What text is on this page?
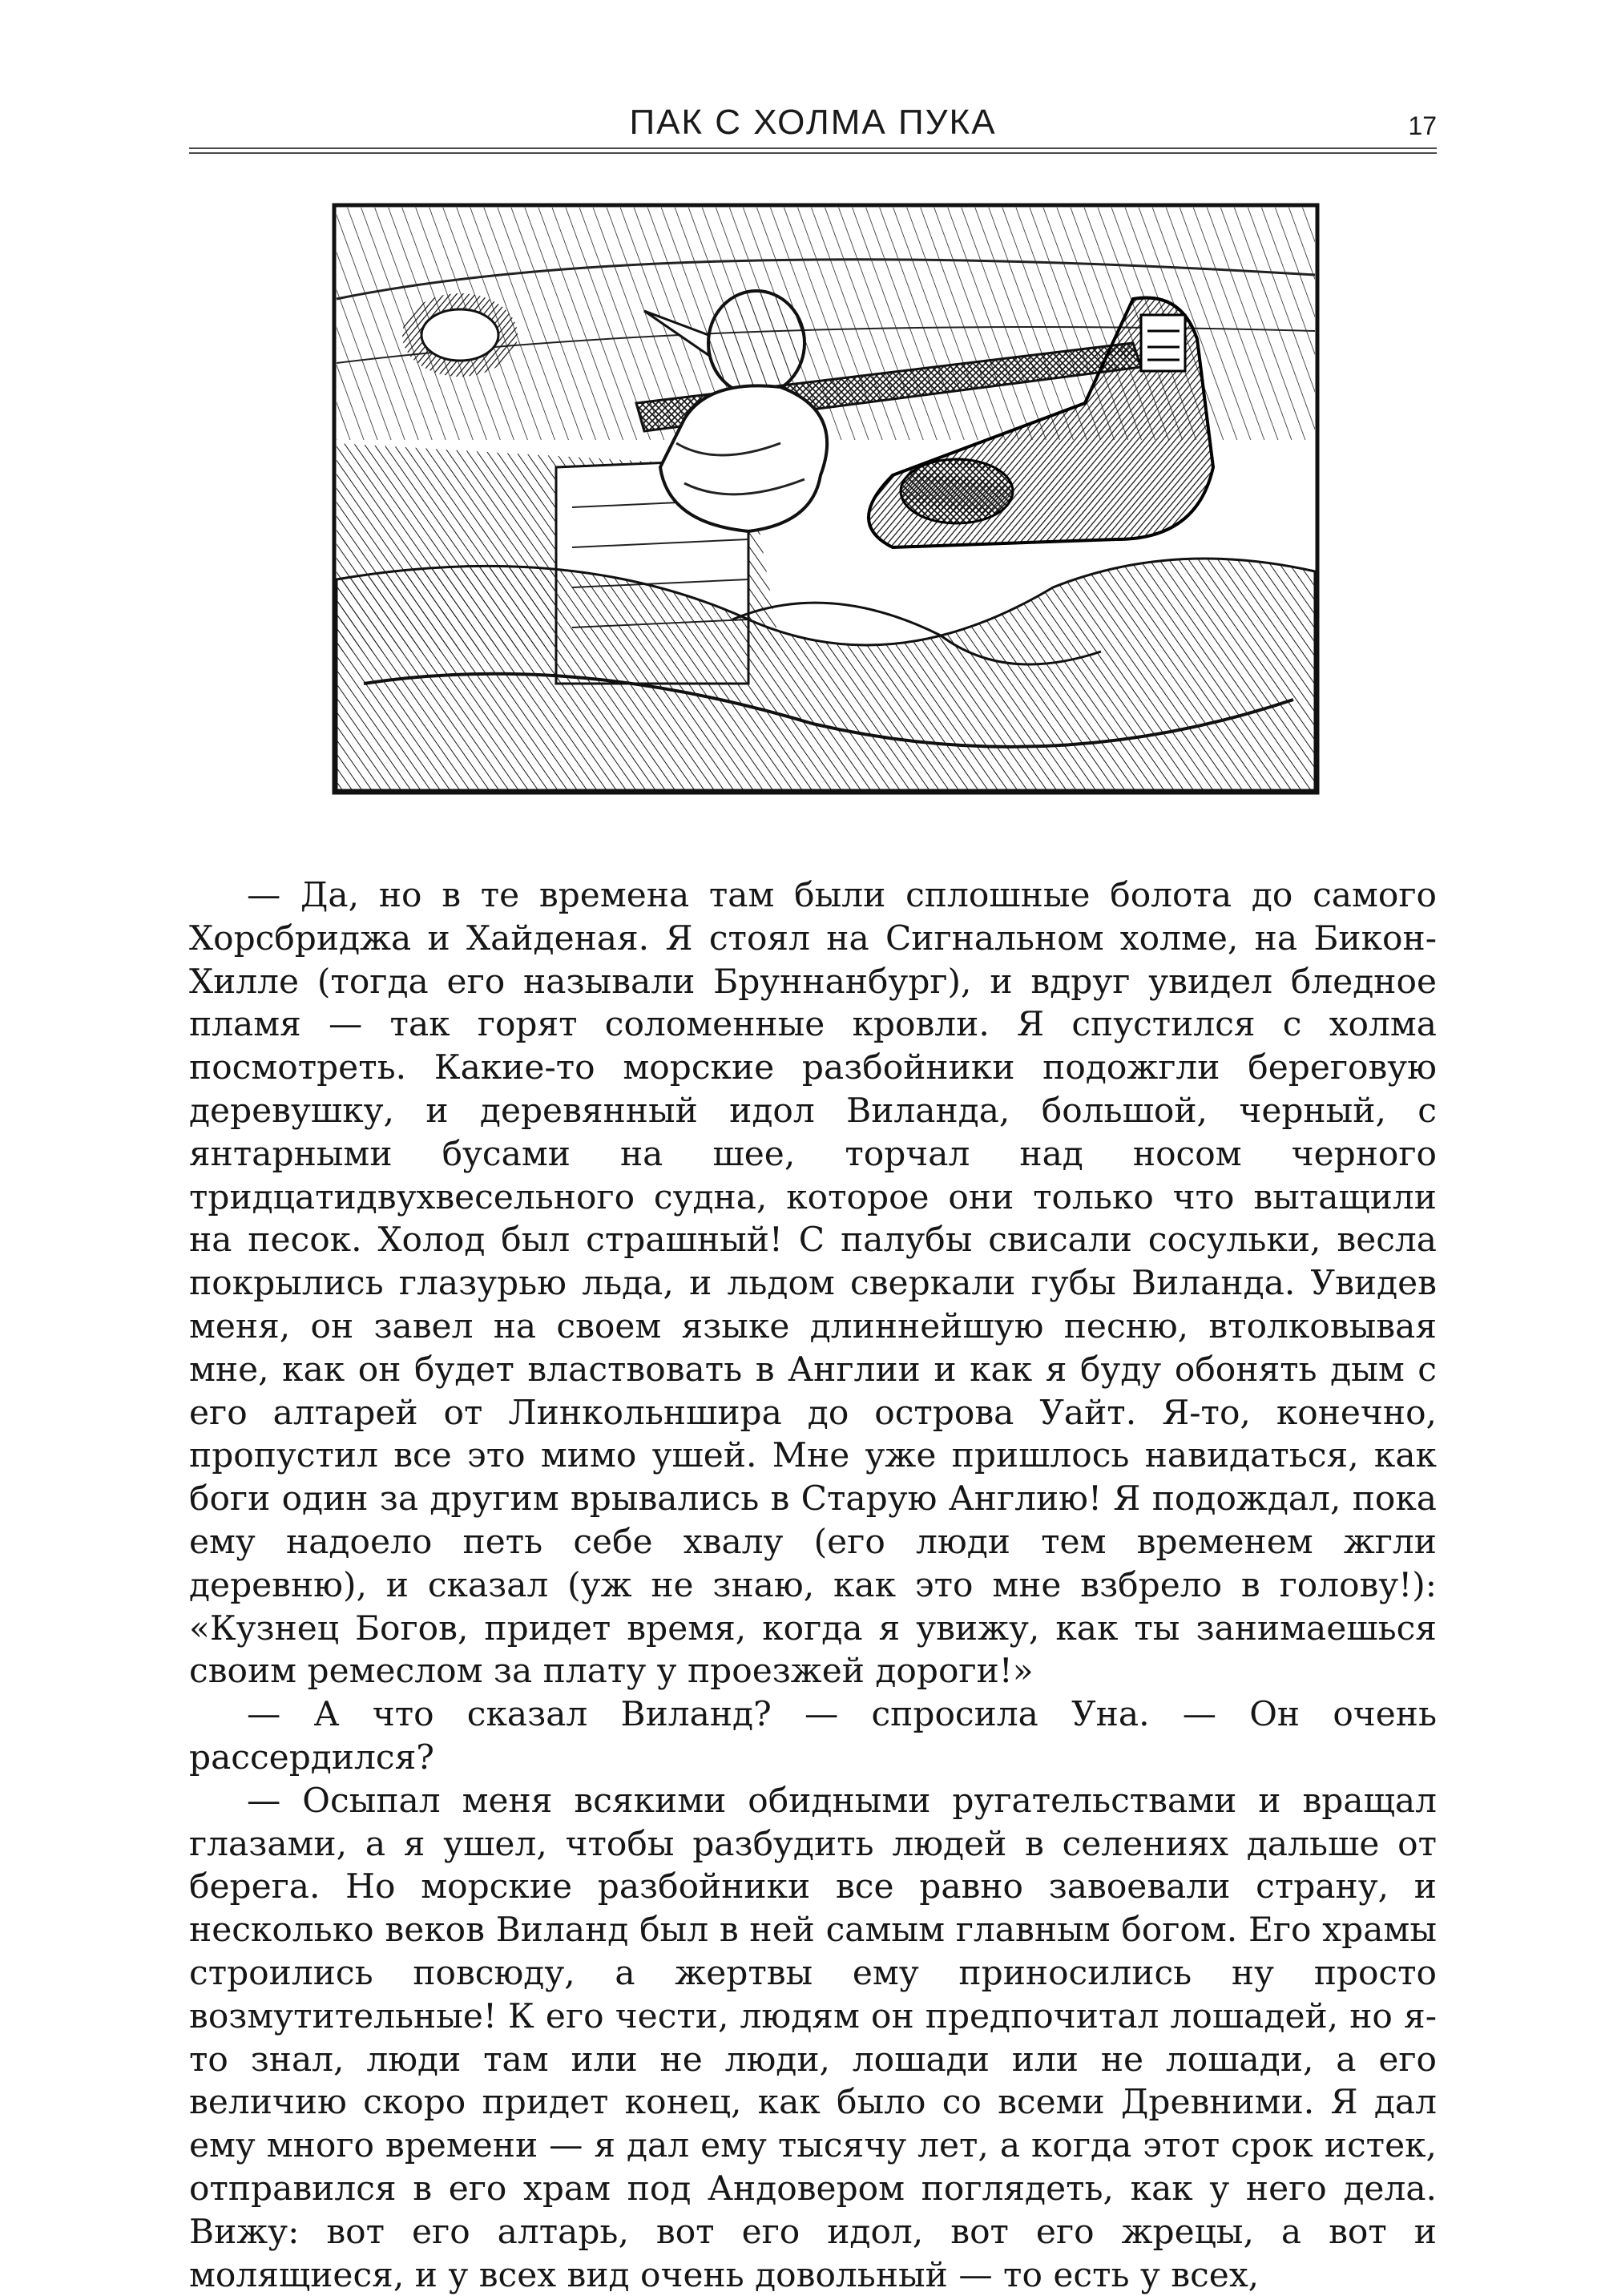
ПАК С ХОЛМА ПУКА	17

— Да, но в те времена там были сплошные болота до самого Хорсбриджа и Хайденая. Я стоял на Сигнальном холме, на Бикон-Хилле (тогда его называли Бруннанбург), и вдруг увидел бледное пламя — так горят соломенные кровли. Я спустился с холма посмотреть. Какие-то морские разбойники подожгли береговую деревушку, и деревянный идол Виланда, большой, черный, с янтарными бусами на шее, торчал над носом черного тридцатидвухвесельного судна, которое они только что вытащили на песок. Холод был страшный! С палубы свисали сосульки, весла покрылись глазурью льда, и льдом сверкали губы Виланда. Увидев меня, он завел на своем языке длиннейшую песню, втолковывая мне, как он будет властвовать в Англии и как я буду обонять дым с его алтарей от Линкольншира до острова Уайт. Я-то, конечно, пропустил все это мимо ушей. Мне уже пришлось навидаться, как боги один за другим врывались в Старую Англию! Я подождал, пока ему надоело петь себе хвалу (его люди тем временем жгли деревню), и сказал (уж не знаю, как это мне взбрело в голову!): «Кузнец Богов, придет время, когда я увижу, как ты занимаешься своим ремеслом за плату у проезжей дороги!»

— А что сказал Виланд? — спросила Уна. — Он очень рассердился?

— Осыпал меня всякими обидными ругательствами и вращал глазами, а я ушел, чтобы разбудить людей в селениях дальше от берега. Но морские разбойники все равно завоевали страну, и несколько веков Виланд был в ней самым главным богом. Его храмы строились повсюду, а жертвы ему приносились ну просто возмутительные! К его чести, людям он предпочитал лошадей, но я-то знал, люди там или не люди, лошади или не лошади, а его величию скоро придет конец, как было со всеми Древними. Я дал ему много времени — я дал ему тысячу лет, а когда этот срок истек, отправился в его храм под Андовером поглядеть, как у него дела. Вижу: вот его алтарь, вот его идол, вот его жрецы, а вот и молящиеся, и у всех вид очень довольный — то есть у всех,
